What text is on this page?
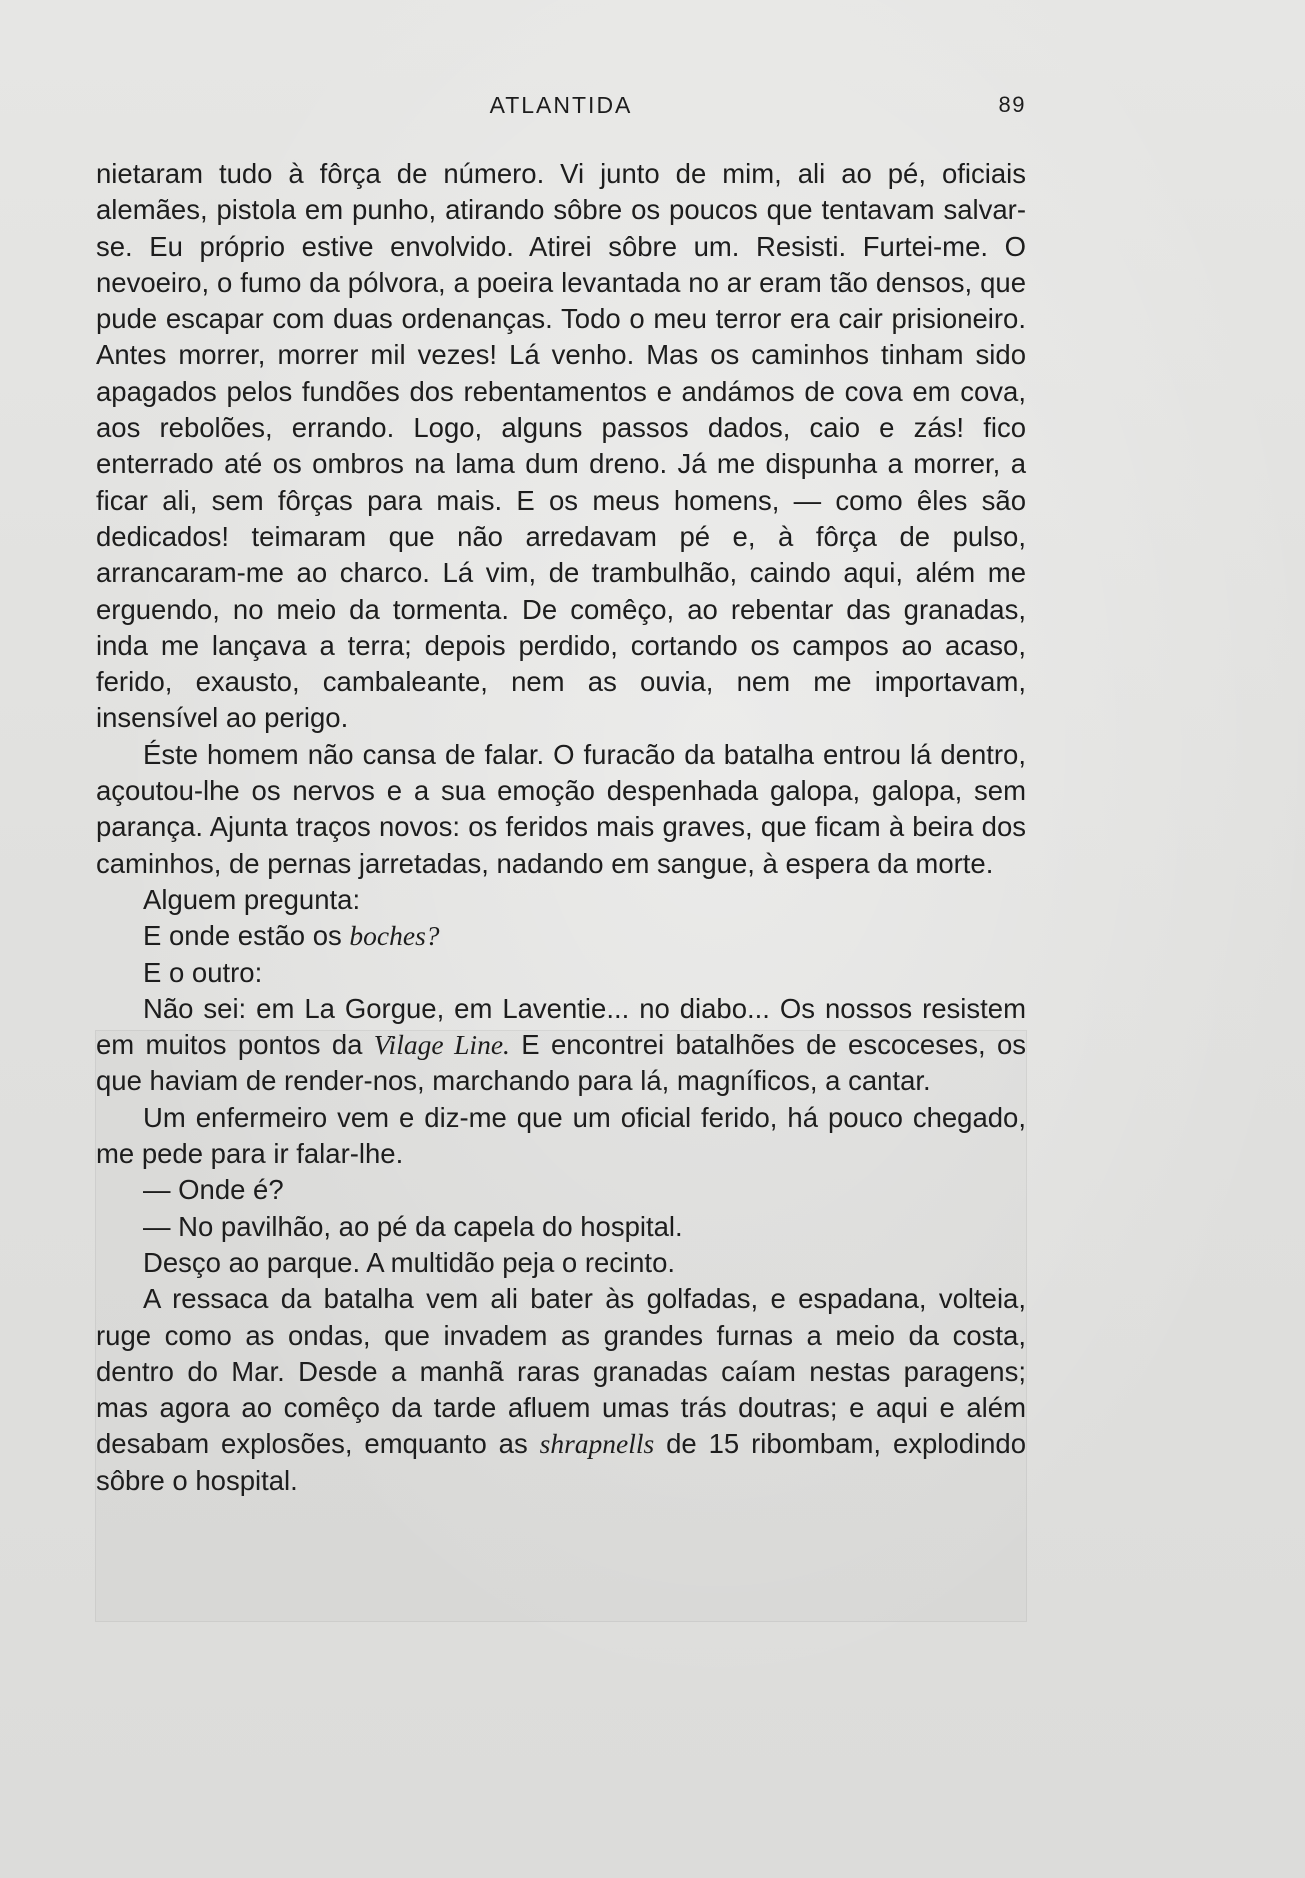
ATLANTIDA	89

nietaram tudo à fôrça de número. Vi junto de mim, ali ao pé, oficiais alemães, pistola em punho, atirando sôbre os poucos que tentavam salvar-se. Eu próprio estive envolvido. Atirei sôbre um. Resisti. Furtei-me. O nevoeiro, o fumo da pólvora, a poeira levantada no ar eram tão densos, que pude escapar com duas ordenanças. Todo o meu terror era cair prisioneiro. Antes morrer, morrer mil vezes! Lá venho. Mas os caminhos tinham sido apagados pelos fundões dos rebentamentos e andámos de cova em cova, aos rebolões, errando. Logo, alguns passos dados, caio e zás! fico enterrado até os ombros na lama dum dreno. Já me dispunha a morrer, a ficar ali, sem fôrças para mais. E os meus homens, — como êles são dedicados! teimaram que não arredavam pé e, à fôrça de pulso, arrancaram-me ao charco. Lá vim, de trambulhão, caindo aqui, além me erguendo, no meio da tormenta. De comêço, ao rebentar das granadas, inda me lançava a terra; depois perdido, cortando os campos ao acaso, ferido, exausto, cambaleante, nem as ouvia, nem me importavam, insensível ao perigo.

Éste homem não cansa de falar. O furacão da batalha entrou lá dentro, açoutou-lhe os nervos e a sua emoção despenhada galopa, galopa, sem parança. Ajunta traços novos: os feridos mais graves, que ficam à beira dos caminhos, de pernas jarretadas, nadando em sangue, à espera da morte.

Alguem pregunta:

E onde estão os boches?

E o outro:

Não sei: em La Gorgue, em Laventie... no diabo... Os nossos resistem em muitos pontos da Vilage Line. E encontrei batalhões de escoceses, os que haviam de render-nos, marchando para lá, magníficos, a cantar.

Um enfermeiro vem e diz-me que um oficial ferido, há pouco chegado, me pede para ir falar-lhe.

— Onde é?

— No pavilhão, ao pé da capela do hospital.

Desço ao parque. A multidão peja o recinto.

A ressaca da batalha vem ali bater às golfadas, e espadana, volteia, ruge como as ondas, que invadem as grandes furnas a meio da costa, dentro do Mar. Desde a manhã raras granadas caíam nestas paragens; mas agora ao comêço da tarde afluem umas trás doutras; e aqui e além desabam explosões, emquanto as shrapnells de 15 ribombam, explodindo sôbre o hospital.
